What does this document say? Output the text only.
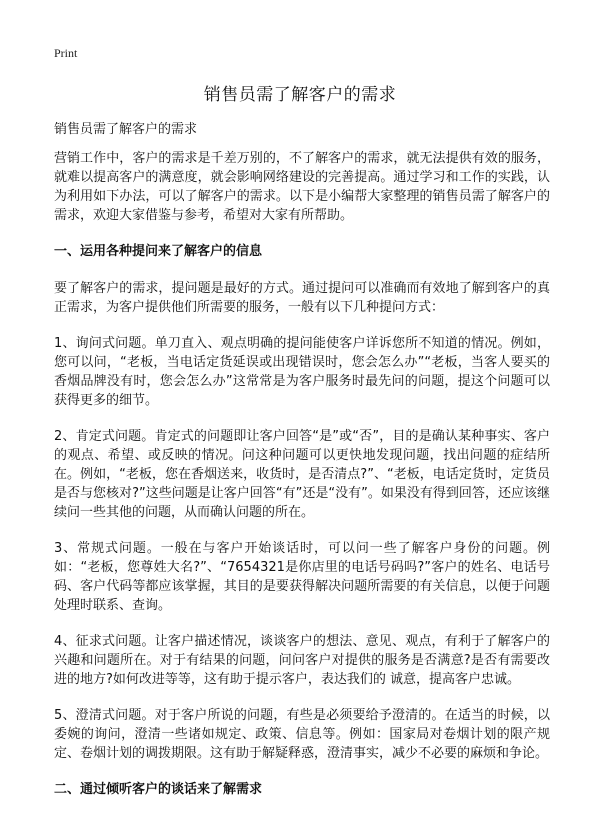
Print
销售员需了解客户的需求

销售员需了解客户的需求

营销工作中，客户的需求是千差万别的，不了解客户的需求，就无法提供有效的服务，就难以提高客户的满意度，就会影响网络建设的完善提高。通过学习和工作的实践，认为利用如下办法，可以了解客户的需求。以下是小编帮大家整理的销售员需了解客户的需求，欢迎大家借鉴与参考，希望对大家有所帮助。

一、运用各种提问来了解客户的信息

要了解客户的需求，提问题是最好的方式。通过提问可以准确而有效地了解到客户的真正需求，为客户提供他们所需要的服务，一般有以下几种提问方式：

1、询问式问题。单刀直入、观点明确的提问能使客户详诉您所不知道的情况。例如，您可以问，“老板，当电话定货延误或出现错误时，您会怎么办”“老板，当客人要买的香烟品牌没有时，您会怎么办”这常常是为客户服务时最先问的问题，提这个问题可以获得更多的细节。

2、肯定式问题。肯定式的问题即让客户回答“是”或“否”，目的是确认某种事实、客户的观点、希望、或反映的情况。问这种问题可以更快地发现问题，找出问题的症结所在。例如，“老板，您在香烟送来，收货时，是否清点?”、“老板，电话定货时，定货员是否与您核对?”这些问题是让客户回答“有”还是“没有”。如果没有得到回答，还应该继续问一些其他的问题，从而确认问题的所在。

3、常规式问题。一般在与客户开始谈话时，可以问一些了解客户身份的问题。例如：“老板，您尊姓大名?”、“7654321是你店里的电话号码吗?”客户的姓名、电话号码、客户代码等都应该掌握，其目的是要获得解决问题所需要的有关信息，以便于问题处理时联系、查询。

4、征求式问题。让客户描述情况，谈谈客户的想法、意见、观点，有利于了解客户的兴趣和问题所在。对于有结果的问题，问问客户对提供的服务是否满意?是否有需要改进的地方?如何改进等等，这有助于提示客户，表达我们的 诚意，提高客户忠诚。

5、澄清式问题。对于客户所说的问题，有些是必须要给予澄清的。在适当的时候，以委婉的询问，澄清一些诸如规定、政策、信息等。例如：国家局对卷烟计划的限产规定、卷烟计划的调拨期限。这有助于解疑释惑，澄清事实，减少不必要的麻烦和争论。

二、通过倾听客户的谈话来了解需求
